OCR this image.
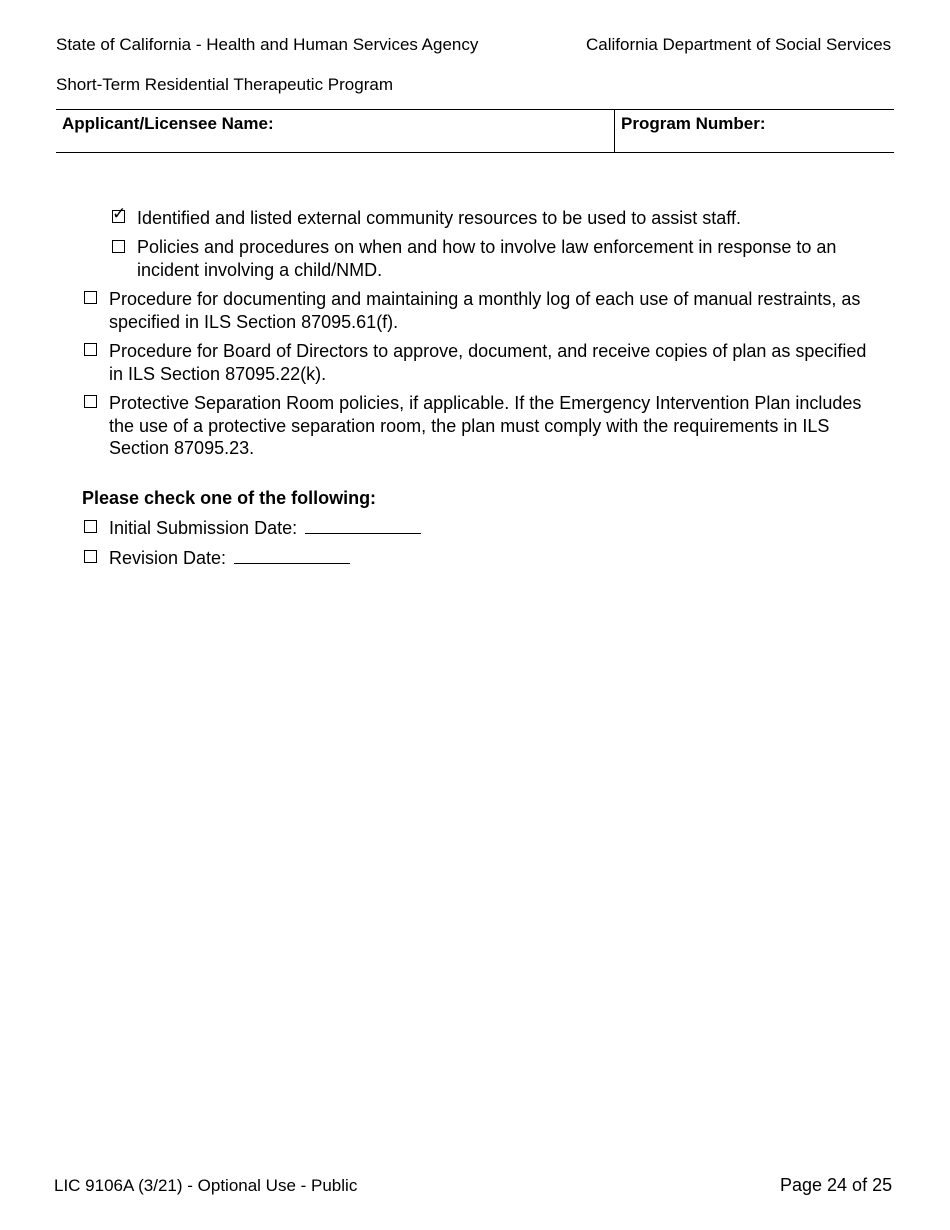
State of California - Health and Human Services Agency	California Department of Social Services
Short-Term Residential Therapeutic Program
Applicant/Licensee Name:	Program Number:
✓ Identified and listed external community resources to be used to assist staff.
Policies and procedures on when and how to involve law enforcement in response to an
incident involving a child/NMD.
Procedure for documenting and maintaining a monthly log of each use of manual restraints, as
specified in ILS Section 87095.61(f).
Procedure for Board of Directors to approve, document, and receive copies of plan as specified
in ILS Section 87095.22(k).
Protective Separation Room policies, if applicable. If the Emergency Intervention Plan includes
the use of a protective separation room, the plan must comply with the requirements in ILS
Section 87095.23.
Please check one of the following:
Initial Submission Date:
Revision Date:
LIC 9106A (3/21) - Optional Use - Public	Page 24 of 25
